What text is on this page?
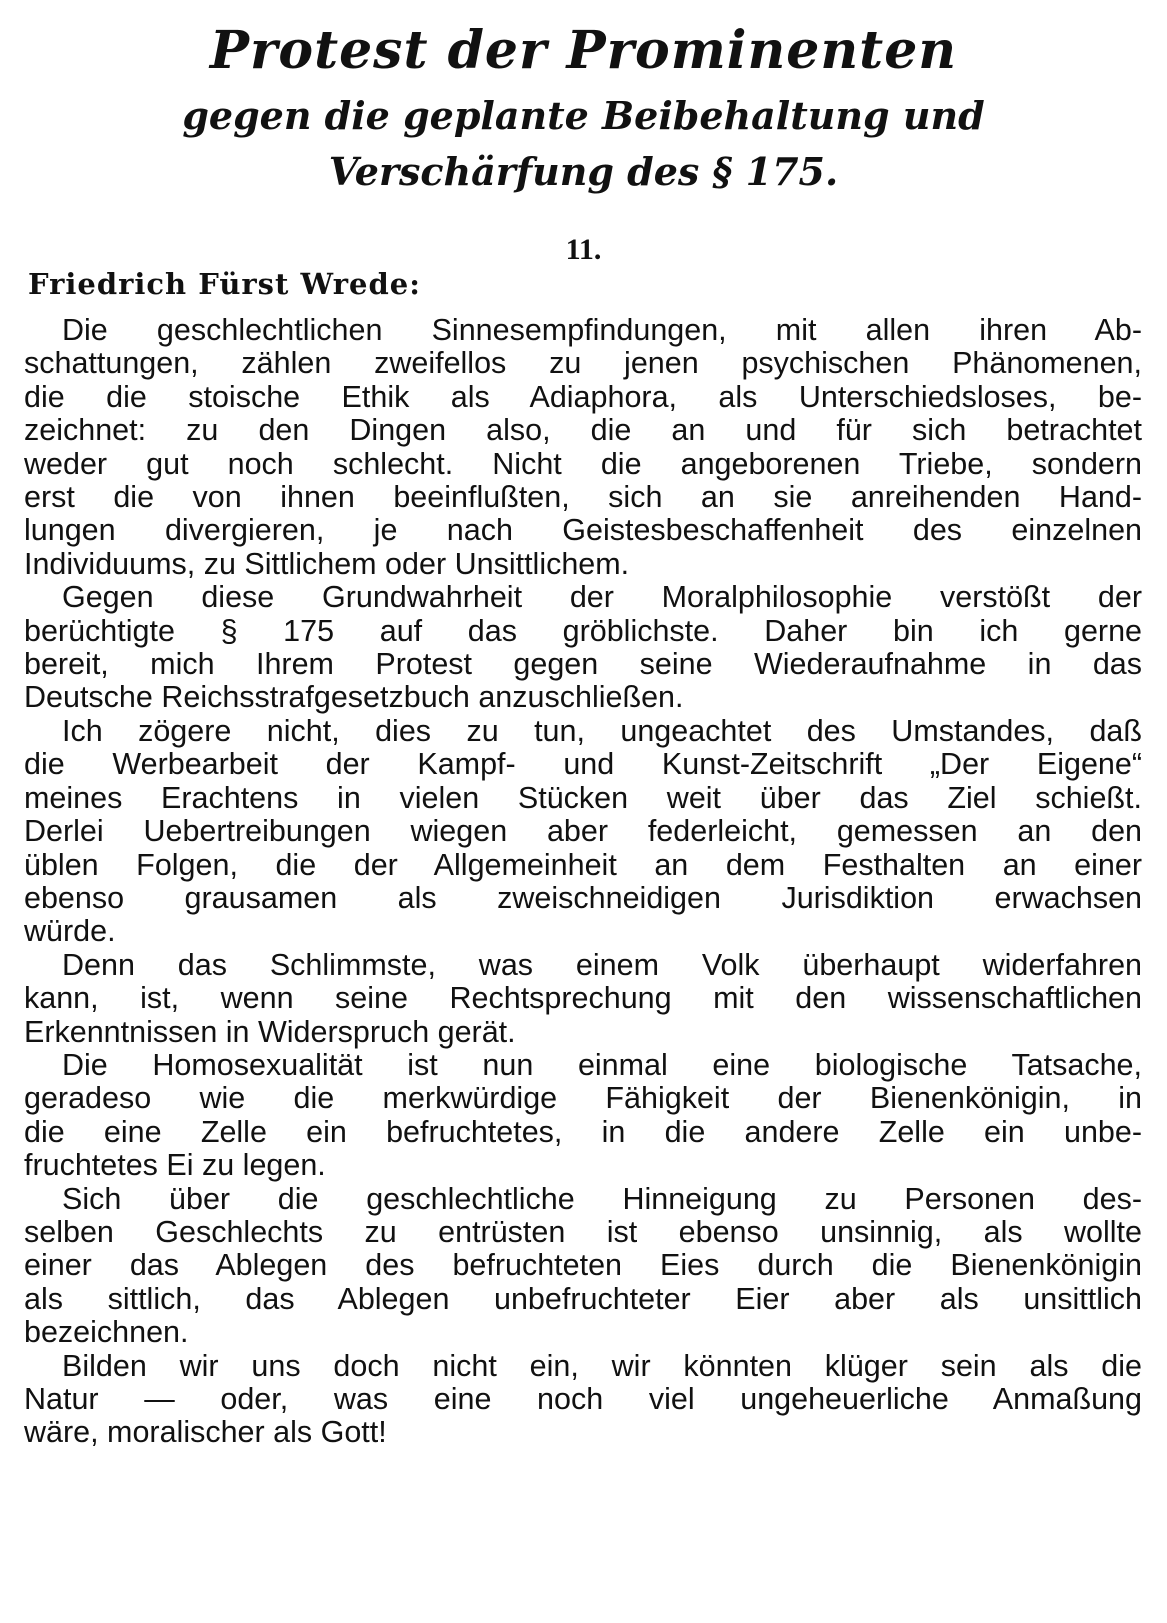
Protest der Prominenten
gegen die geplante Beibehaltung und Verschärfung des § 175.
11.
Friedrich Fürst Wrede:
Die geschlechtlichen Sinnesempfindungen, mit allen ihren Ab-
schattungen, zählen zweifellos zu jenen psychischen Phänomenen,
die die stoische Ethik als Adiaphora, als Unterschiedsloses, be-
zeichnet: zu den Dingen also, die an und für sich betrachtet
weder gut noch schlecht. Nicht die angeborenen Triebe, sondern
erst die von ihnen beeinflußten, sich an sie anreihenden Hand-
lungen divergieren, je nach Geistesbeschaffenheit des einzelnen
Individuums, zu Sittlichem oder Unsittlichem.
Gegen diese Grundwahrheit der Moralphilosophie verstößt der
berüchtigte § 175 auf das gröblichste. Daher bin ich gerne
bereit, mich Ihrem Protest gegen seine Wiederaufnahme in das
Deutsche Reichsstrafgesetzbuch anzuschließen.
Ich zögere nicht, dies zu tun, ungeachtet des Umstandes, daß
die Werbearbeit der Kampf- und Kunst-Zeitschrift „Der Eigene“
meines Erachtens in vielen Stücken weit über das Ziel schießt.
Derlei Uebertreibungen wiegen aber federleicht, gemessen an den
üblen Folgen, die der Allgemeinheit an dem Festhalten an einer
ebenso grausamen als zweischneidigen Jurisdiktion erwachsen
würde.
Denn das Schlimmste, was einem Volk überhaupt widerfahren
kann, ist, wenn seine Rechtsprechung mit den wissenschaftlichen
Erkenntnissen in Widerspruch gerät.
Die Homosexualität ist nun einmal eine biologische Tatsache,
geradeso wie die merkwürdige Fähigkeit der Bienenkönigin, in
die eine Zelle ein befruchtetes, in die andere Zelle ein unbe-
fruchtetes Ei zu legen.
Sich über die geschlechtliche Hinneigung zu Personen des-
selben Geschlechts zu entrüsten ist ebenso unsinnig, als wollte
einer das Ablegen des befruchteten Eies durch die Bienenkönigin
als sittlich, das Ablegen unbefruchteter Eier aber als unsittlich
bezeichnen.
Bilden wir uns doch nicht ein, wir könnten klüger sein als die
Natur — oder, was eine noch viel ungeheuerliche Anmaßung
wäre, moralischer als Gott!
